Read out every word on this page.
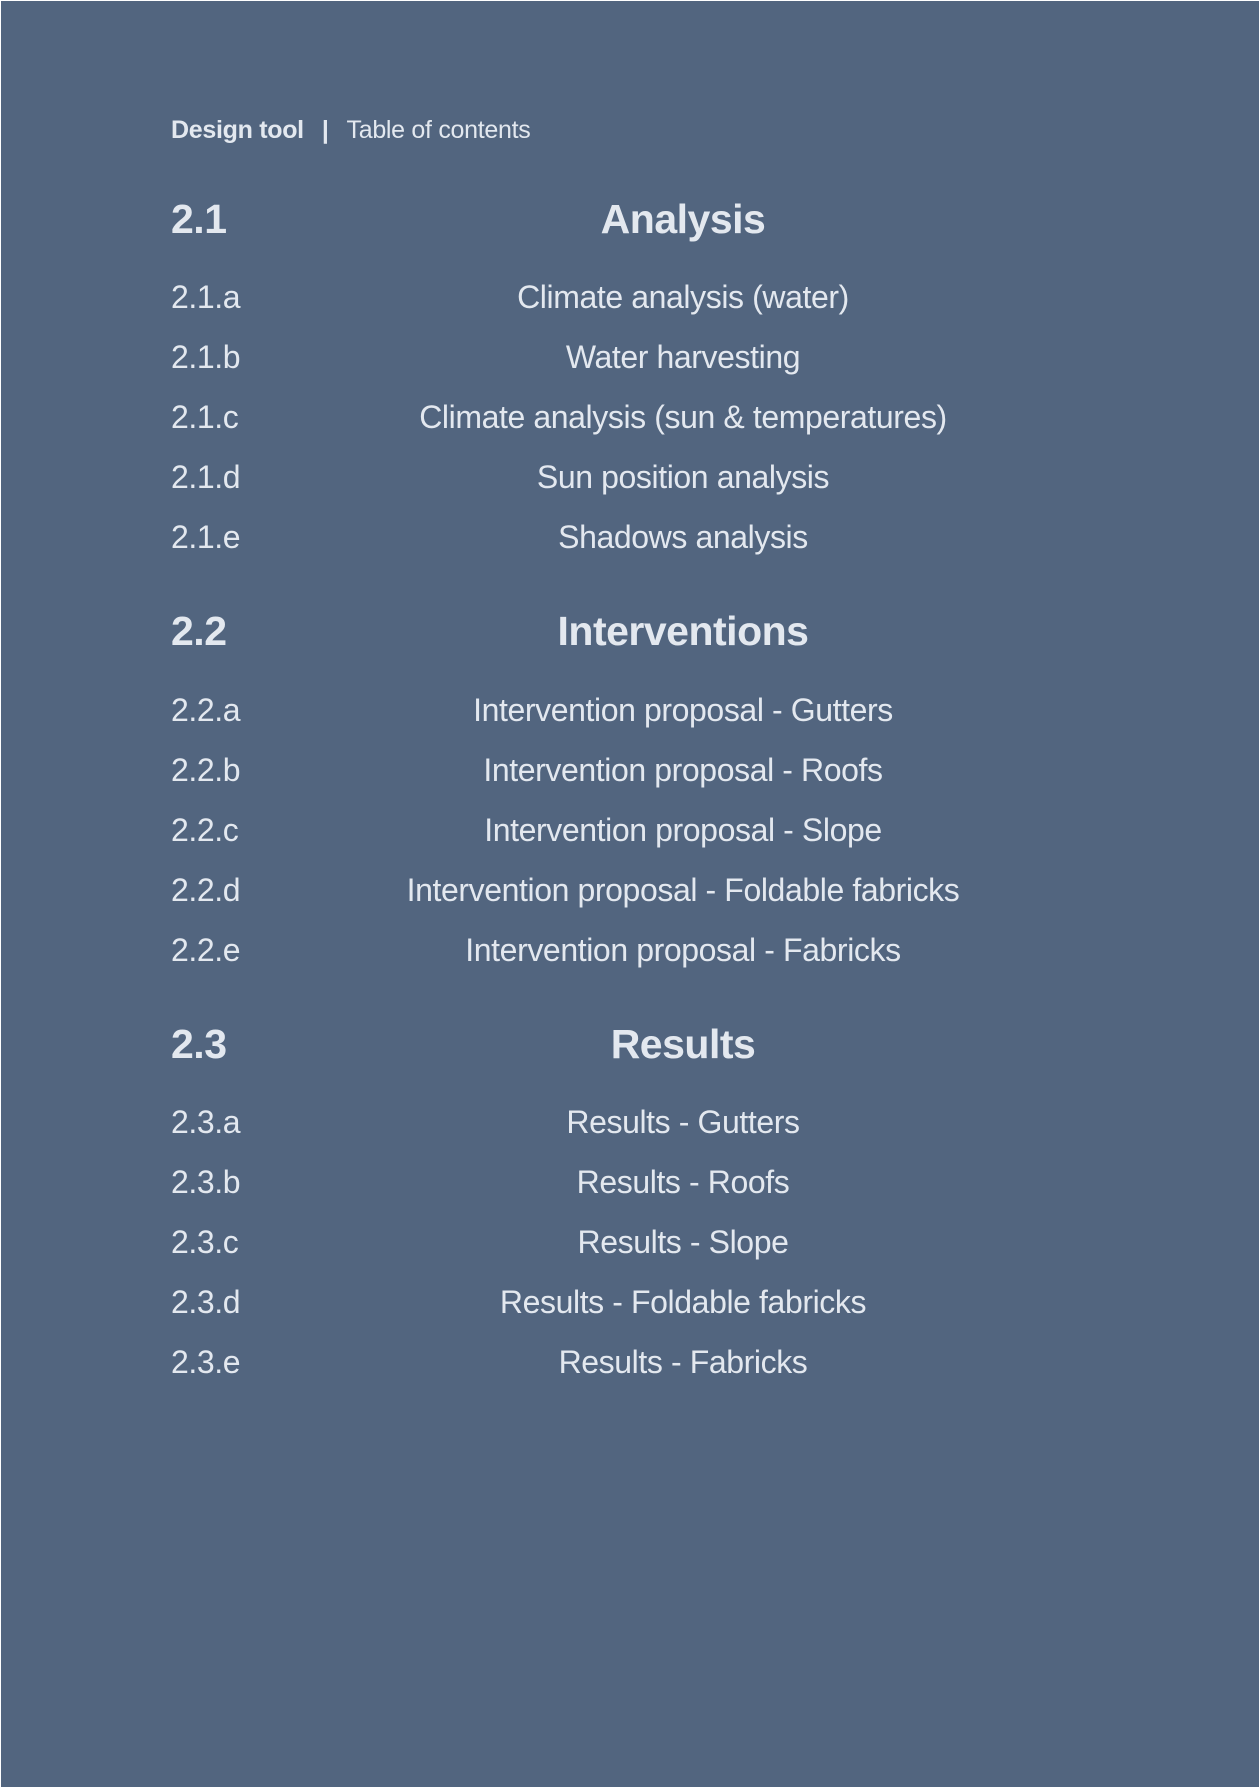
Design tool | Table of contents
2.1	Analysis
2.1.a	Climate analysis (water)
2.1.b	Water harvesting
2.1.c	Climate analysis (sun & temperatures)
2.1.d	Sun position analysis
2.1.e	Shadows analysis
2.2	Interventions
2.2.a	Intervention proposal - Gutters
2.2.b	Intervention proposal - Roofs
2.2.c	Intervention proposal - Slope
2.2.d	Intervention proposal - Foldable fabricks
2.2.e	Intervention proposal - Fabricks
2.3	Results
2.3.a	Results - Gutters
2.3.b	Results - Roofs
2.3.c	Results - Slope
2.3.d	Results - Foldable fabricks
2.3.e	Results - Fabricks
